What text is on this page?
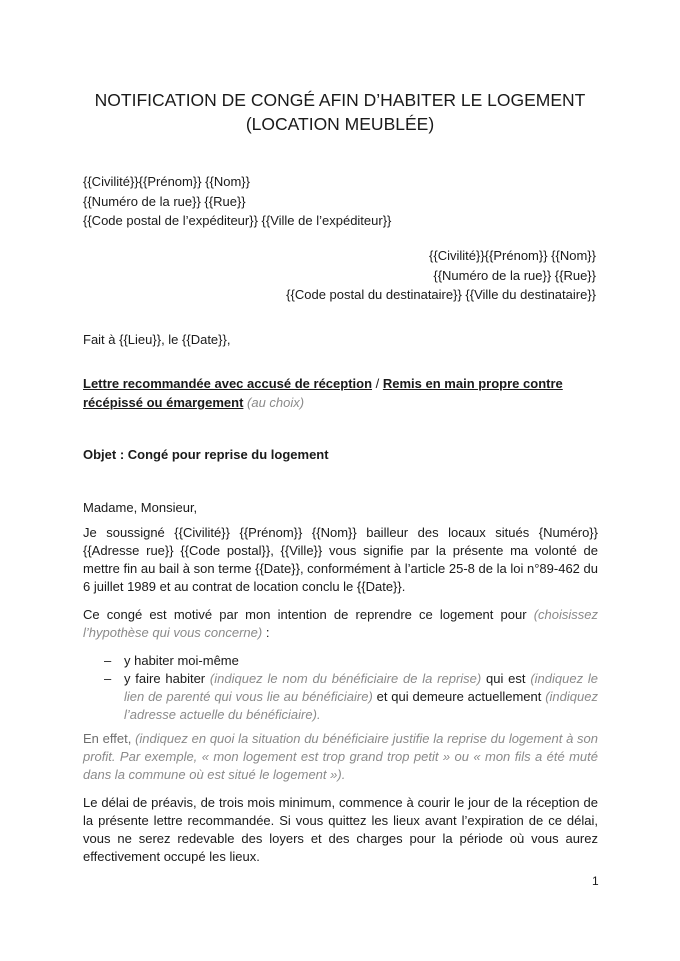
NOTIFICATION DE CONGÉ AFIN D’HABITER LE LOGEMENT
(LOCATION MEUBLÉE)
{{Civilité}}{{Prénom}} {{Nom}}
{{Numéro de la rue}} {{Rue}}
{{Code postal de l’expéditeur}} {{Ville de l’expéditeur}}
{{Civilité}}{{Prénom}} {{Nom}}
{{Numéro de la rue}} {{Rue}}
{{Code postal du destinataire}} {{Ville du destinataire}}
Fait à {{Lieu}}, le {{Date}},
Lettre recommandée avec accusé de réception / Remis en main propre contre récépissé ou émargement (au choix)
Objet : Congé pour reprise du logement
Madame, Monsieur,
Je soussigné {{Civilité}} {{Prénom}} {{Nom}} bailleur des locaux situés {Numéro}} {{Adresse rue}} {{Code postal}}, {{Ville}} vous signifie par la présente ma volonté de mettre fin au bail à son terme {{Date}}, conformément à l’article 25-8 de la loi n°89-462 du 6 juillet 1989 et au contrat de location conclu le {{Date}}.
Ce congé est motivé par mon intention de reprendre ce logement pour (choisissez l’hypothèse qui vous concerne) :
– y habiter moi-même
– y faire habiter (indiquez le nom du bénéficiaire de la reprise) qui est (indiquez le lien de parenté qui vous lie au bénéficiaire) et qui demeure actuellement (indiquez l’adresse actuelle du bénéficiaire).
En effet, (indiquez en quoi la situation du bénéficiaire justifie la reprise du logement à son profit. Par exemple, « mon logement est trop grand trop petit » ou « mon fils a été muté dans la commune où est situé le logement »).
Le délai de préavis, de trois mois minimum, commence à courir le jour de la réception de la présente lettre recommandée. Si vous quittez les lieux avant l’expiration de ce délai, vous ne serez redevable des loyers et des charges pour la période où vous aurez effectivement occupé les lieux.
1
